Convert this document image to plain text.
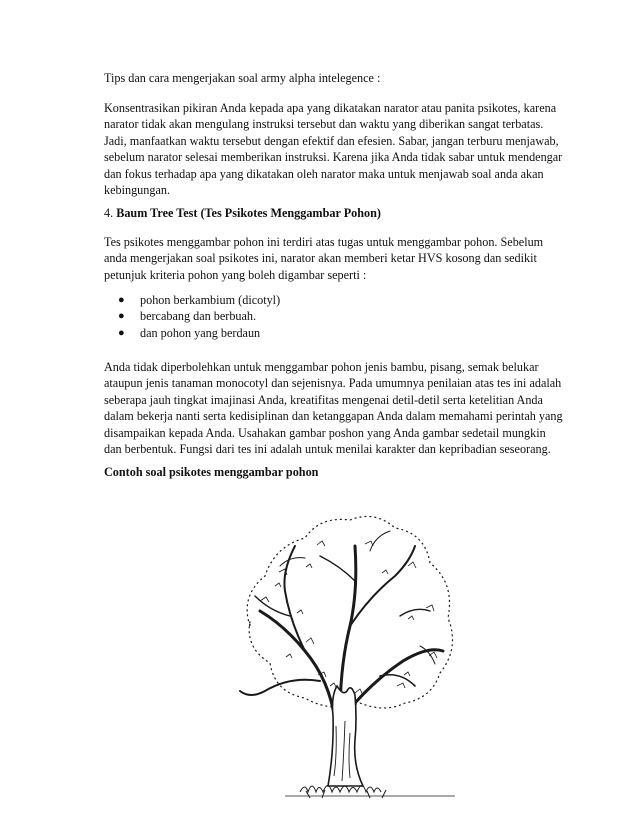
Tips dan cara mengerjakan soal army alpha intelegence :

Konsentrasikan pikiran Anda kepada apa yang dikatakan narator atau panita psikotes, karena
narator tidak akan mengulang instruksi tersebut dan waktu yang diberikan sangat terbatas.
Jadi, manfaatkan waktu tersebut dengan efektif dan efesien. Sabar, jangan terburu menjawab,
sebelum narator selesai memberikan instruksi. Karena jika Anda tidak sabar untuk mendengar
dan fokus terhadap apa yang dikatakan oleh narator maka untuk menjawab soal anda akan
kebingungan.
4. Baum Tree Test (Tes Psikotes Menggambar Pohon)
Tes psikotes menggambar pohon ini terdiri atas tugas untuk menggambar pohon. Sebelum
anda mengerjakan soal psikotes ini, narator akan memberi ketar HVS kosong dan sedikit
petunjuk kriteria pohon yang boleh digambar seperti :
● pohon berkambium (dicotyl)
● bercabang dan berbuah.
● dan pohon yang berdaun
Anda tidak diperbolehkan untuk menggambar pohon jenis bambu, pisang, semak belukar
ataupun jenis tanaman monocotyl dan sejenisnya. Pada umumnya penilaian atas tes ini adalah
seberapa jauh tingkat imajinasi Anda, kreatifitas mengenai detil-detil serta ketelitian Anda
dalam bekerja nanti serta kedisiplinan dan ketanggapan Anda dalam memahami perintah yang
disampaikan kepada Anda. Usahakan gambar poshon yang Anda gambar sedetail mungkin
dan berbentuk. Fungsi dari tes ini adalah untuk menilai karakter dan kepribadian seseorang.
Contoh soal psikotes menggambar pohon
